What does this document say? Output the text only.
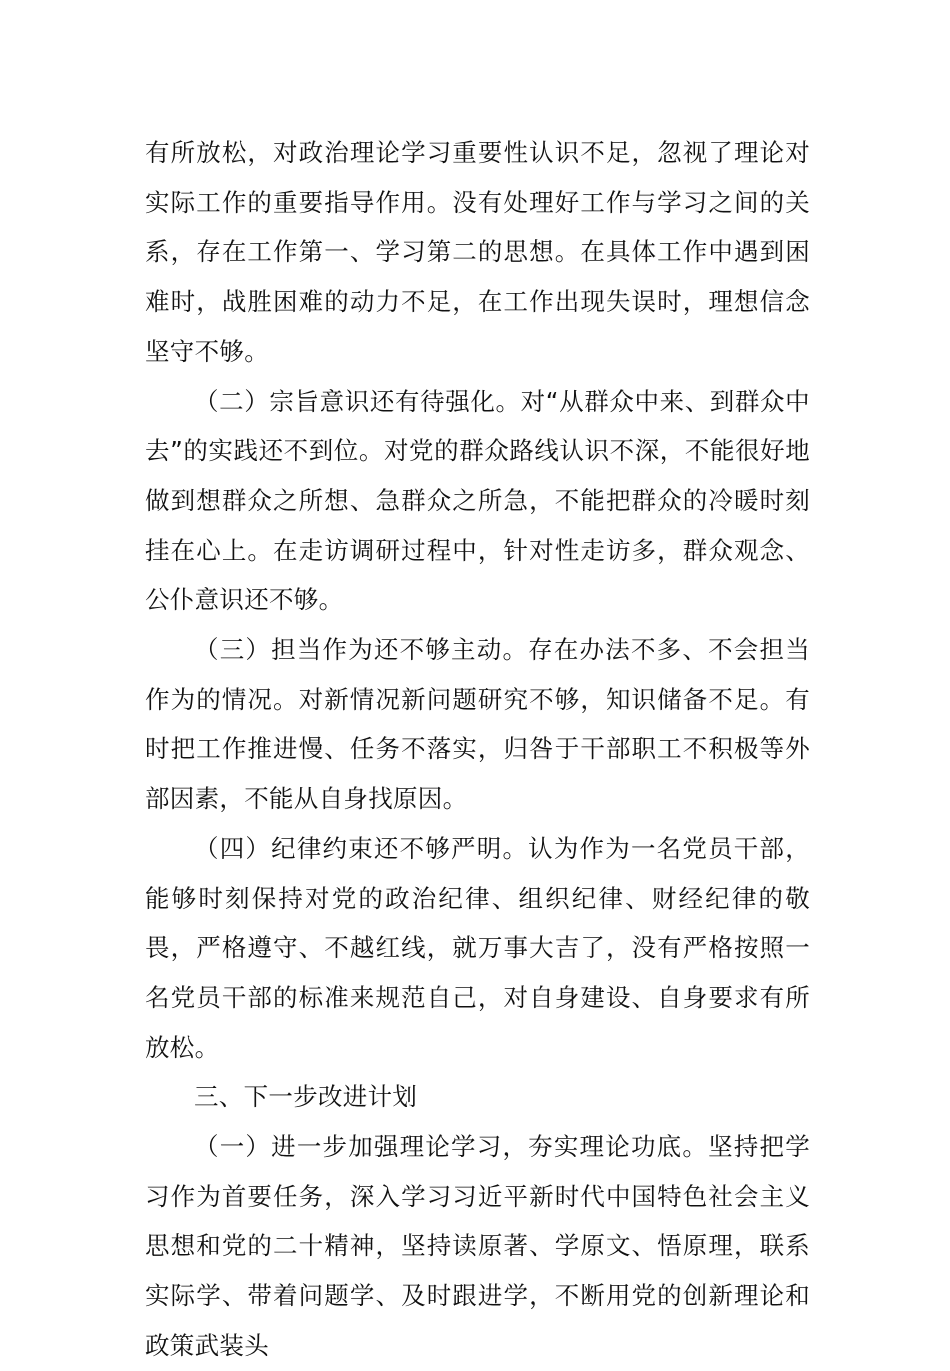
有所放松，对政治理论学习重要性认识不足，忽视了理论对实际工作的重要指导作用。没有处理好工作与学习之间的关系，存在工作第一、学习第二的思想。在具体工作中遇到困难时，战胜困难的动力不足，在工作出现失误时，理想信念坚守不够。

（二）宗旨意识还有待强化。对“从群众中来、到群众中去”的实践还不到位。对党的群众路线认识不深，不能很好地做到想群众之所想、急群众之所急，不能把群众的冷暖时刻挂在心上。在走访调研过程中，针对性走访多，群众观念、公仆意识还不够。

（三）担当作为还不够主动。存在办法不多、不会担当作为的情况。对新情况新问题研究不够，知识储备不足。有时把工作推进慢、任务不落实，归咎于干部职工不积极等外部因素，不能从自身找原因。

（四）纪律约束还不够严明。认为作为一名党员干部，能够时刻保持对党的政治纪律、组织纪律、财经纪律的敬畏，严格遵守、不越红线，就万事大吉了，没有严格按照一名党员干部的标准来规范自己，对自身建设、自身要求有所放松。

三、下一步改进计划

（一）进一步加强理论学习，夯实理论功底。坚持把学习作为首要任务，深入学习习近平新时代中国特色社会主义思想和党的二十精神，坚持读原著、学原文、悟原理，联系实际学、带着问题学、及时跟进学，不断用党的创新理论和政策武装头
